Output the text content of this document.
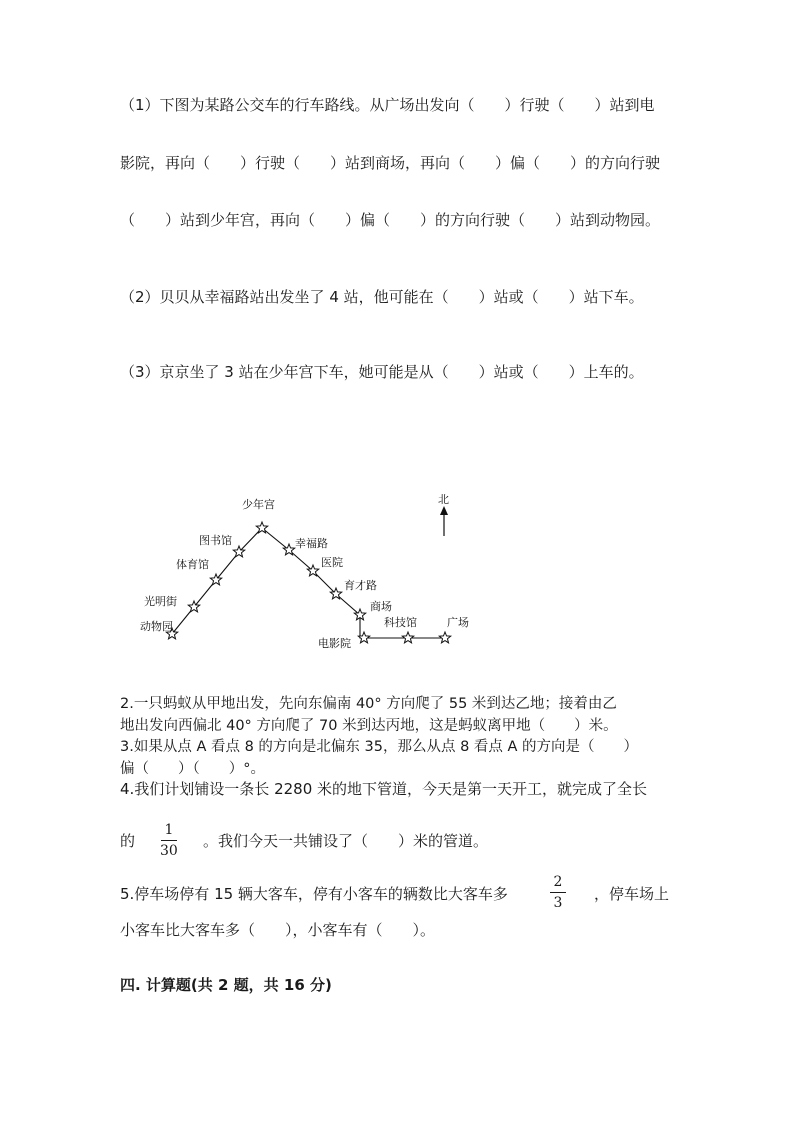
（1）下图为某路公交车的行车路线。从广场出发向（　　）行驶（　　）站到电
影院，再向（　　）行驶（　　）站到商场，再向（　　）偏（　　）的方向行驶
（　　）站到少年宫，再向（　　）偏（　　）的方向行驶（　　）站到动物园。
（2）贝贝从幸福路站出发坐了 4 站，他可能在（　　）站或（　　）站下车。
（3）京京坐了 3 站在少年宫下车，她可能是从（　　）站或（　　）上车的。
动物园
光明街
体育馆
图书馆
少年宫
幸福路
医院
育才路
商场
电影院
科技馆	广场
北
2.一只蚂蚁从甲地出发，先向东偏南 40° 方向爬了 55 米到达乙地；接着由乙
地出发向西偏北 40° 方向爬了 70 米到达丙地，这是蚂蚁离甲地（　　）米。
3.如果从点 A 看点 8 的方向是北偏东 35，那么从点 8 看点 A 的方向是（　　）
偏（　　）（　　）°。
4.我们计划铺设一条长 2280 米的地下管道，今天是第一天开工，就完成了全长
的
1
30
。我们今天一共铺设了（　　）米的管道。
5.停车场停有 15 辆大客车，停有小客车的辆数比大客车多
2
3 ，停车场上
小客车比大客车多（　　），小客车有（　　）。
四. 计算题(共 2 题，共 16 分)
